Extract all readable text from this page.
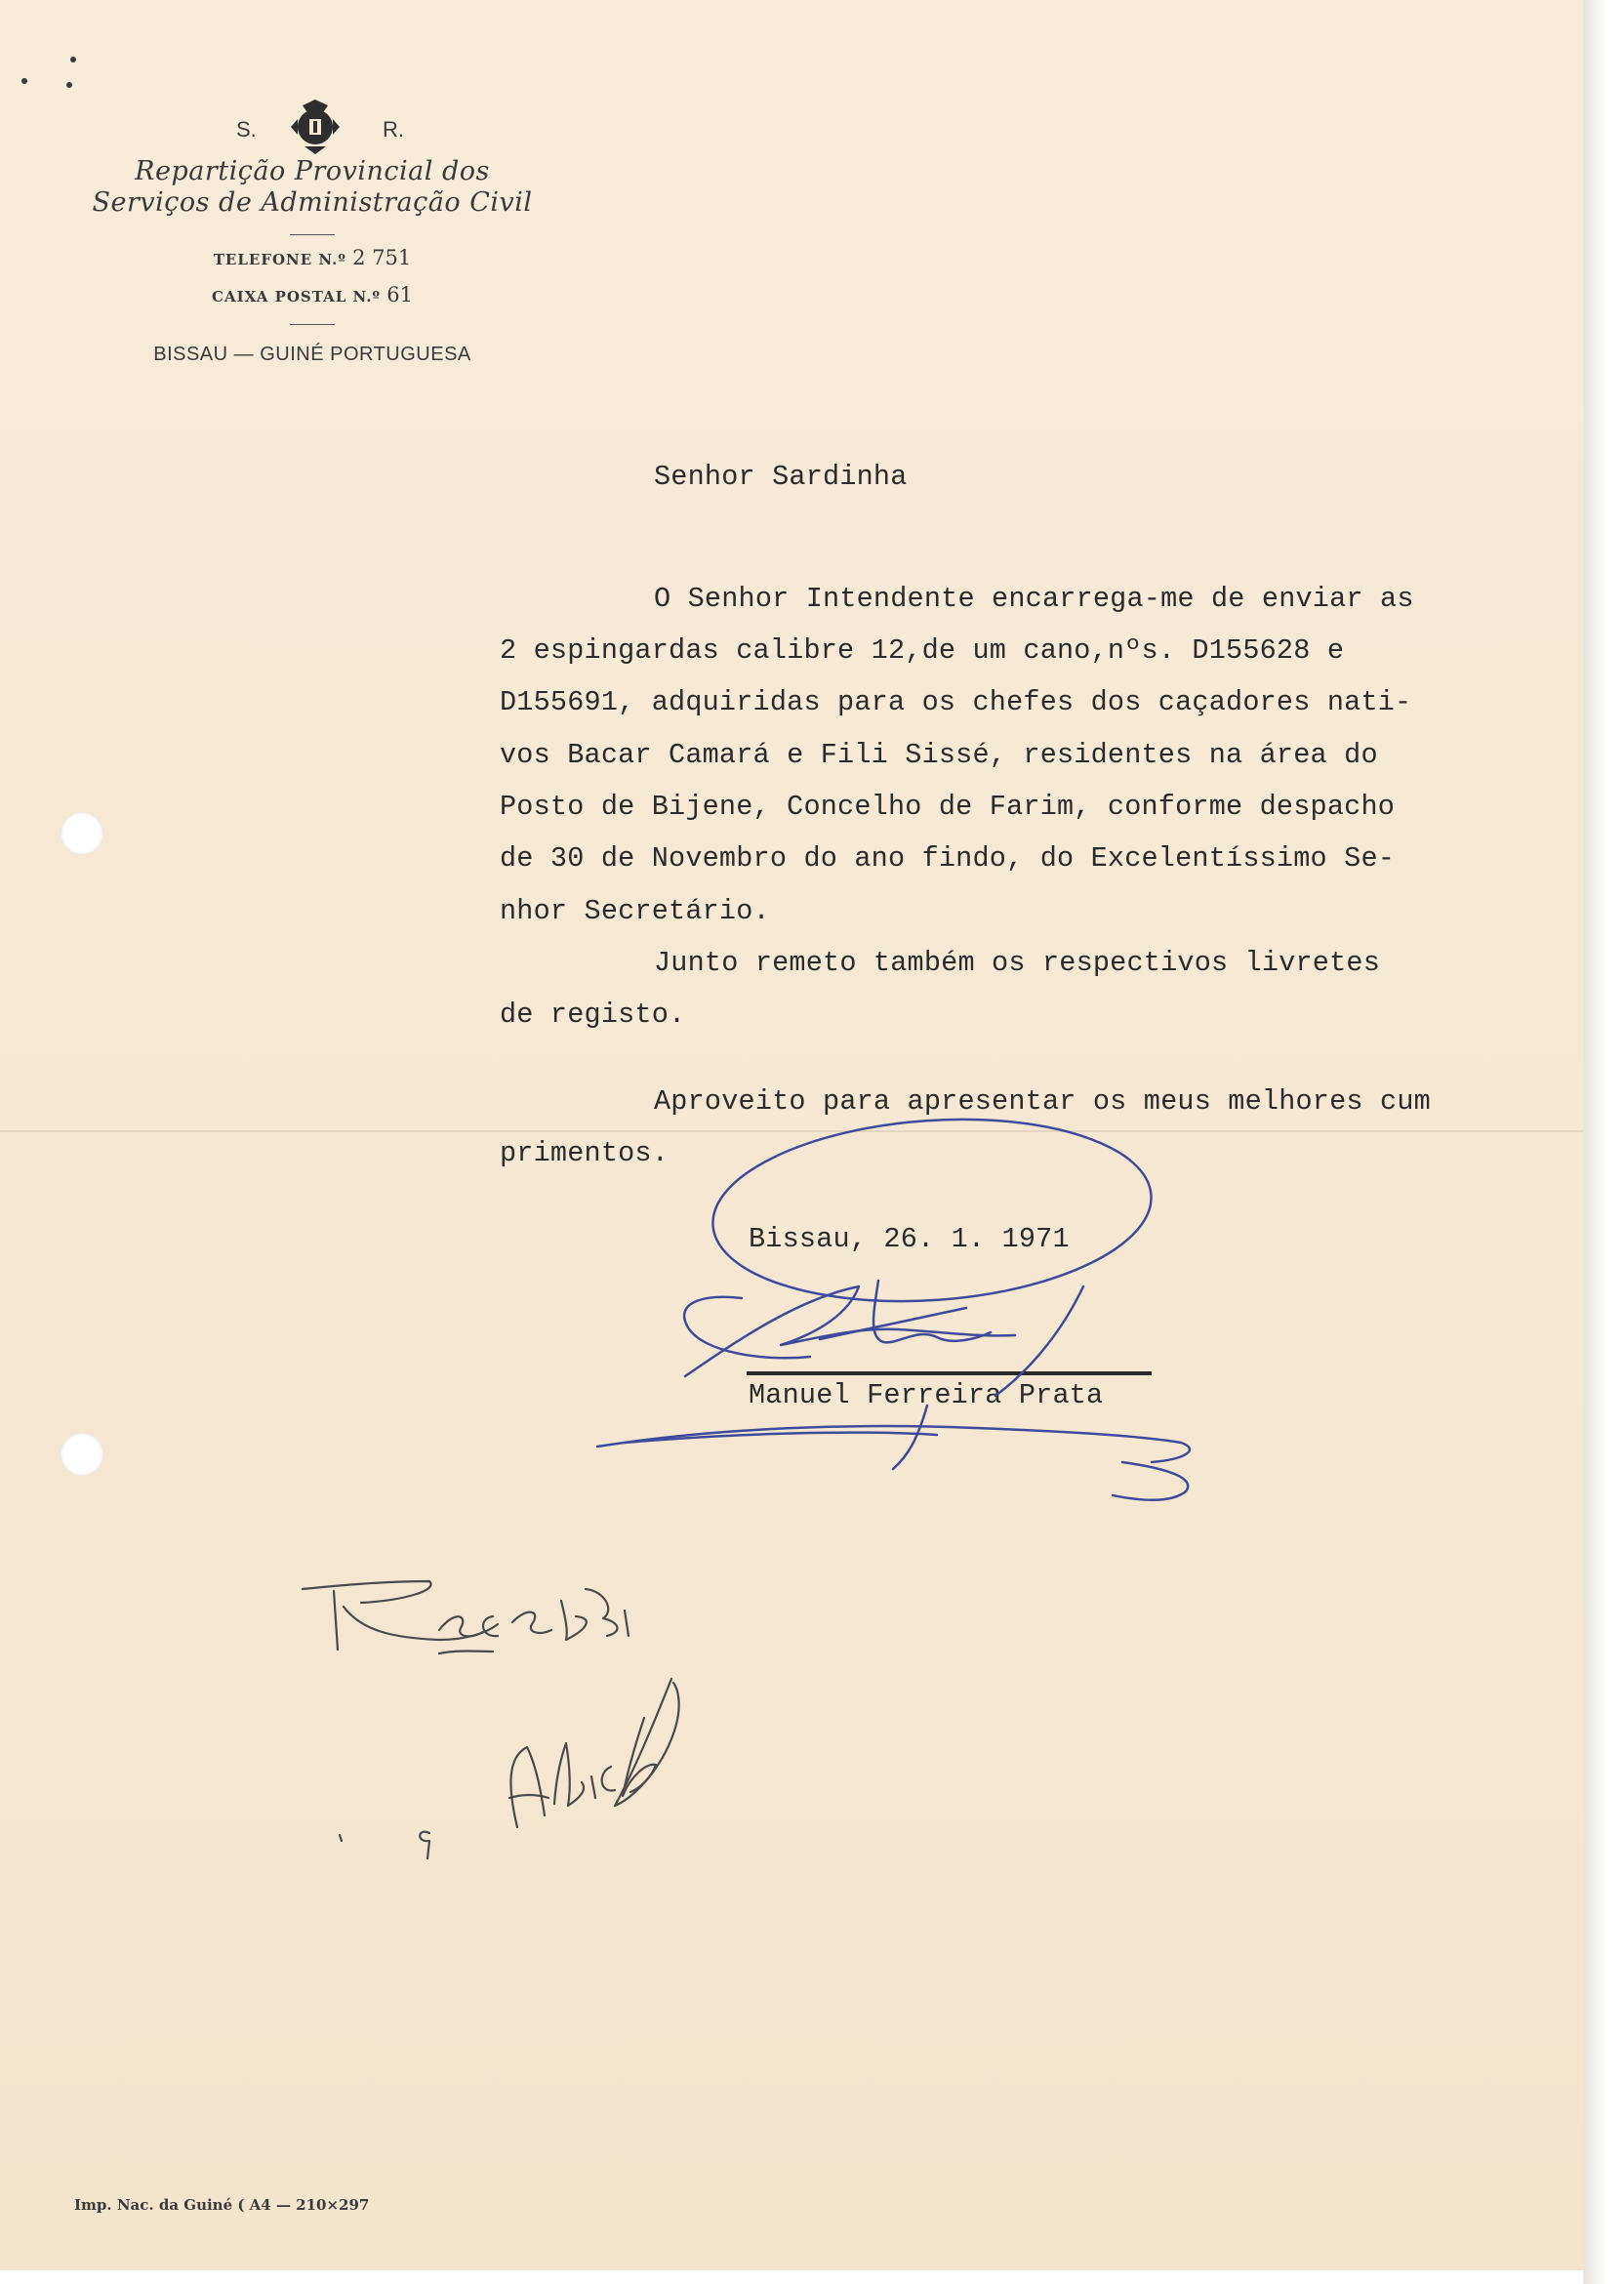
S.	R.
Repartição Provincial dos
Serviços de Administração Civil
TELEFONE N.º 2 751
CAIXA POSTAL N.º 61
BISSAU — GUINÉ PORTUGUESA
Senhor Sardinha
O Senhor Intendente encarrega-me de enviar as
2 espingardas calibre 12,de um cano,nºs. D155628 e
D155691, adquiridas para os chefes dos caçadores nati-
vos Bacar Camará e Fili Sissé, residentes na área do
Posto de Bijene, Concelho de Farim, conforme despacho
de 30 de Novembro do ano findo, do Excelentíssimo Se-
nhor Secretário.
Junto remeto também os respectivos livretes
de registo.
Aproveito para apresentar os meus melhores cum
primentos.
Bissau, 26. 1. 1971
Manuel Ferreira Prata
Imp. Nac. da Guiné ( A4 — 210×297
